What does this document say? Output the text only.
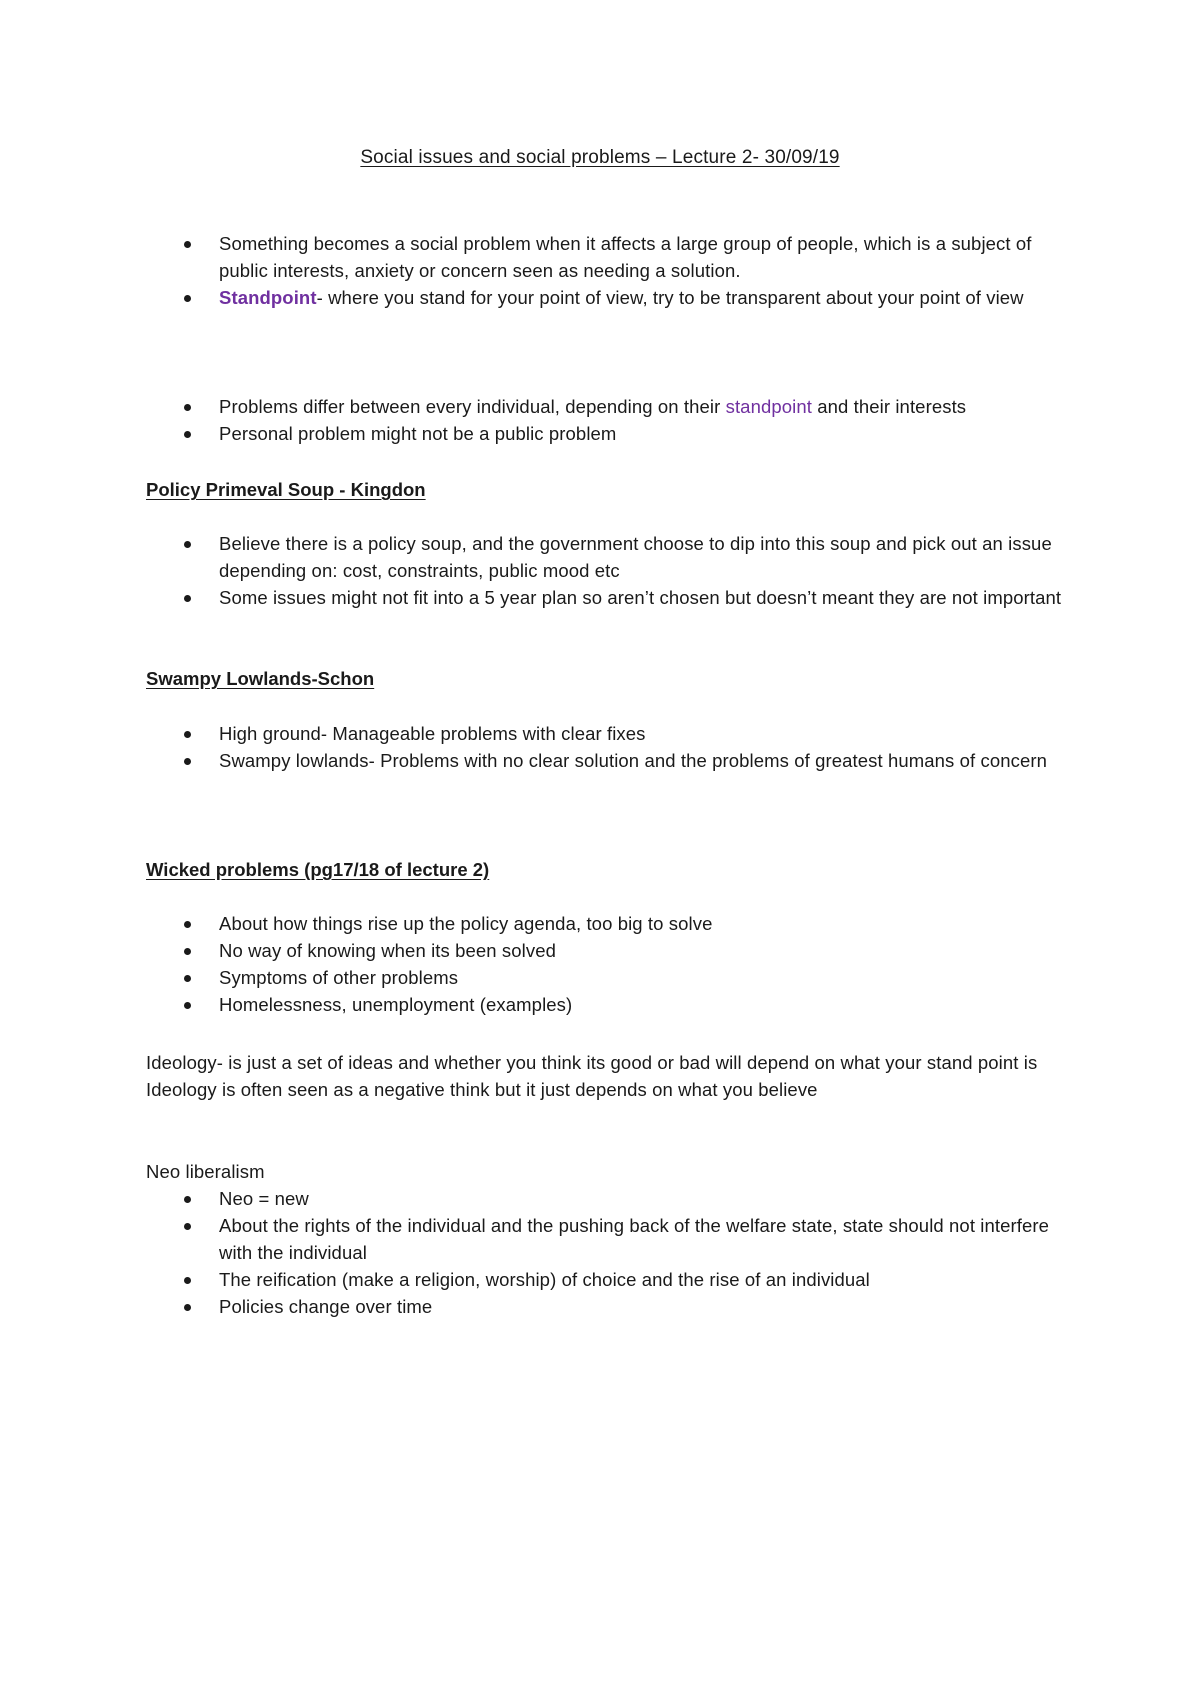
Social issues and social problems – Lecture 2- 30/09/19
Something becomes a social problem when it affects a large group of people, which is a subject of public interests, anxiety or concern seen as needing a solution.
Standpoint- where you stand for your point of view, try to be transparent about your point of view
Problems differ between every individual, depending on their standpoint and their interests
Personal problem might not be a public problem
Policy Primeval Soup - Kingdon
Believe there is a policy soup, and the government choose to dip into this soup and pick out an issue depending on: cost, constraints, public mood etc
Some issues might not fit into a 5 year plan so aren’t chosen but doesn’t meant they are not important
Swampy Lowlands-Schon
High ground- Manageable problems with clear fixes
Swampy lowlands- Problems with no clear solution and the problems of greatest humans of concern
Wicked problems (pg17/18 of lecture 2)
About how things rise up the policy agenda, too big to solve
No way of knowing when its been solved
Symptoms of other problems
Homelessness, unemployment (examples)
Ideology- is just a set of ideas and whether you think its good or bad will depend on what your stand point is
Ideology is often seen as a negative think but it just depends on what you believe
Neo liberalism
Neo = new
About the rights of the individual and the pushing back of the welfare state, state should not interfere with the individual
The reification (make a religion, worship) of choice and the rise of an individual
Policies change over time
